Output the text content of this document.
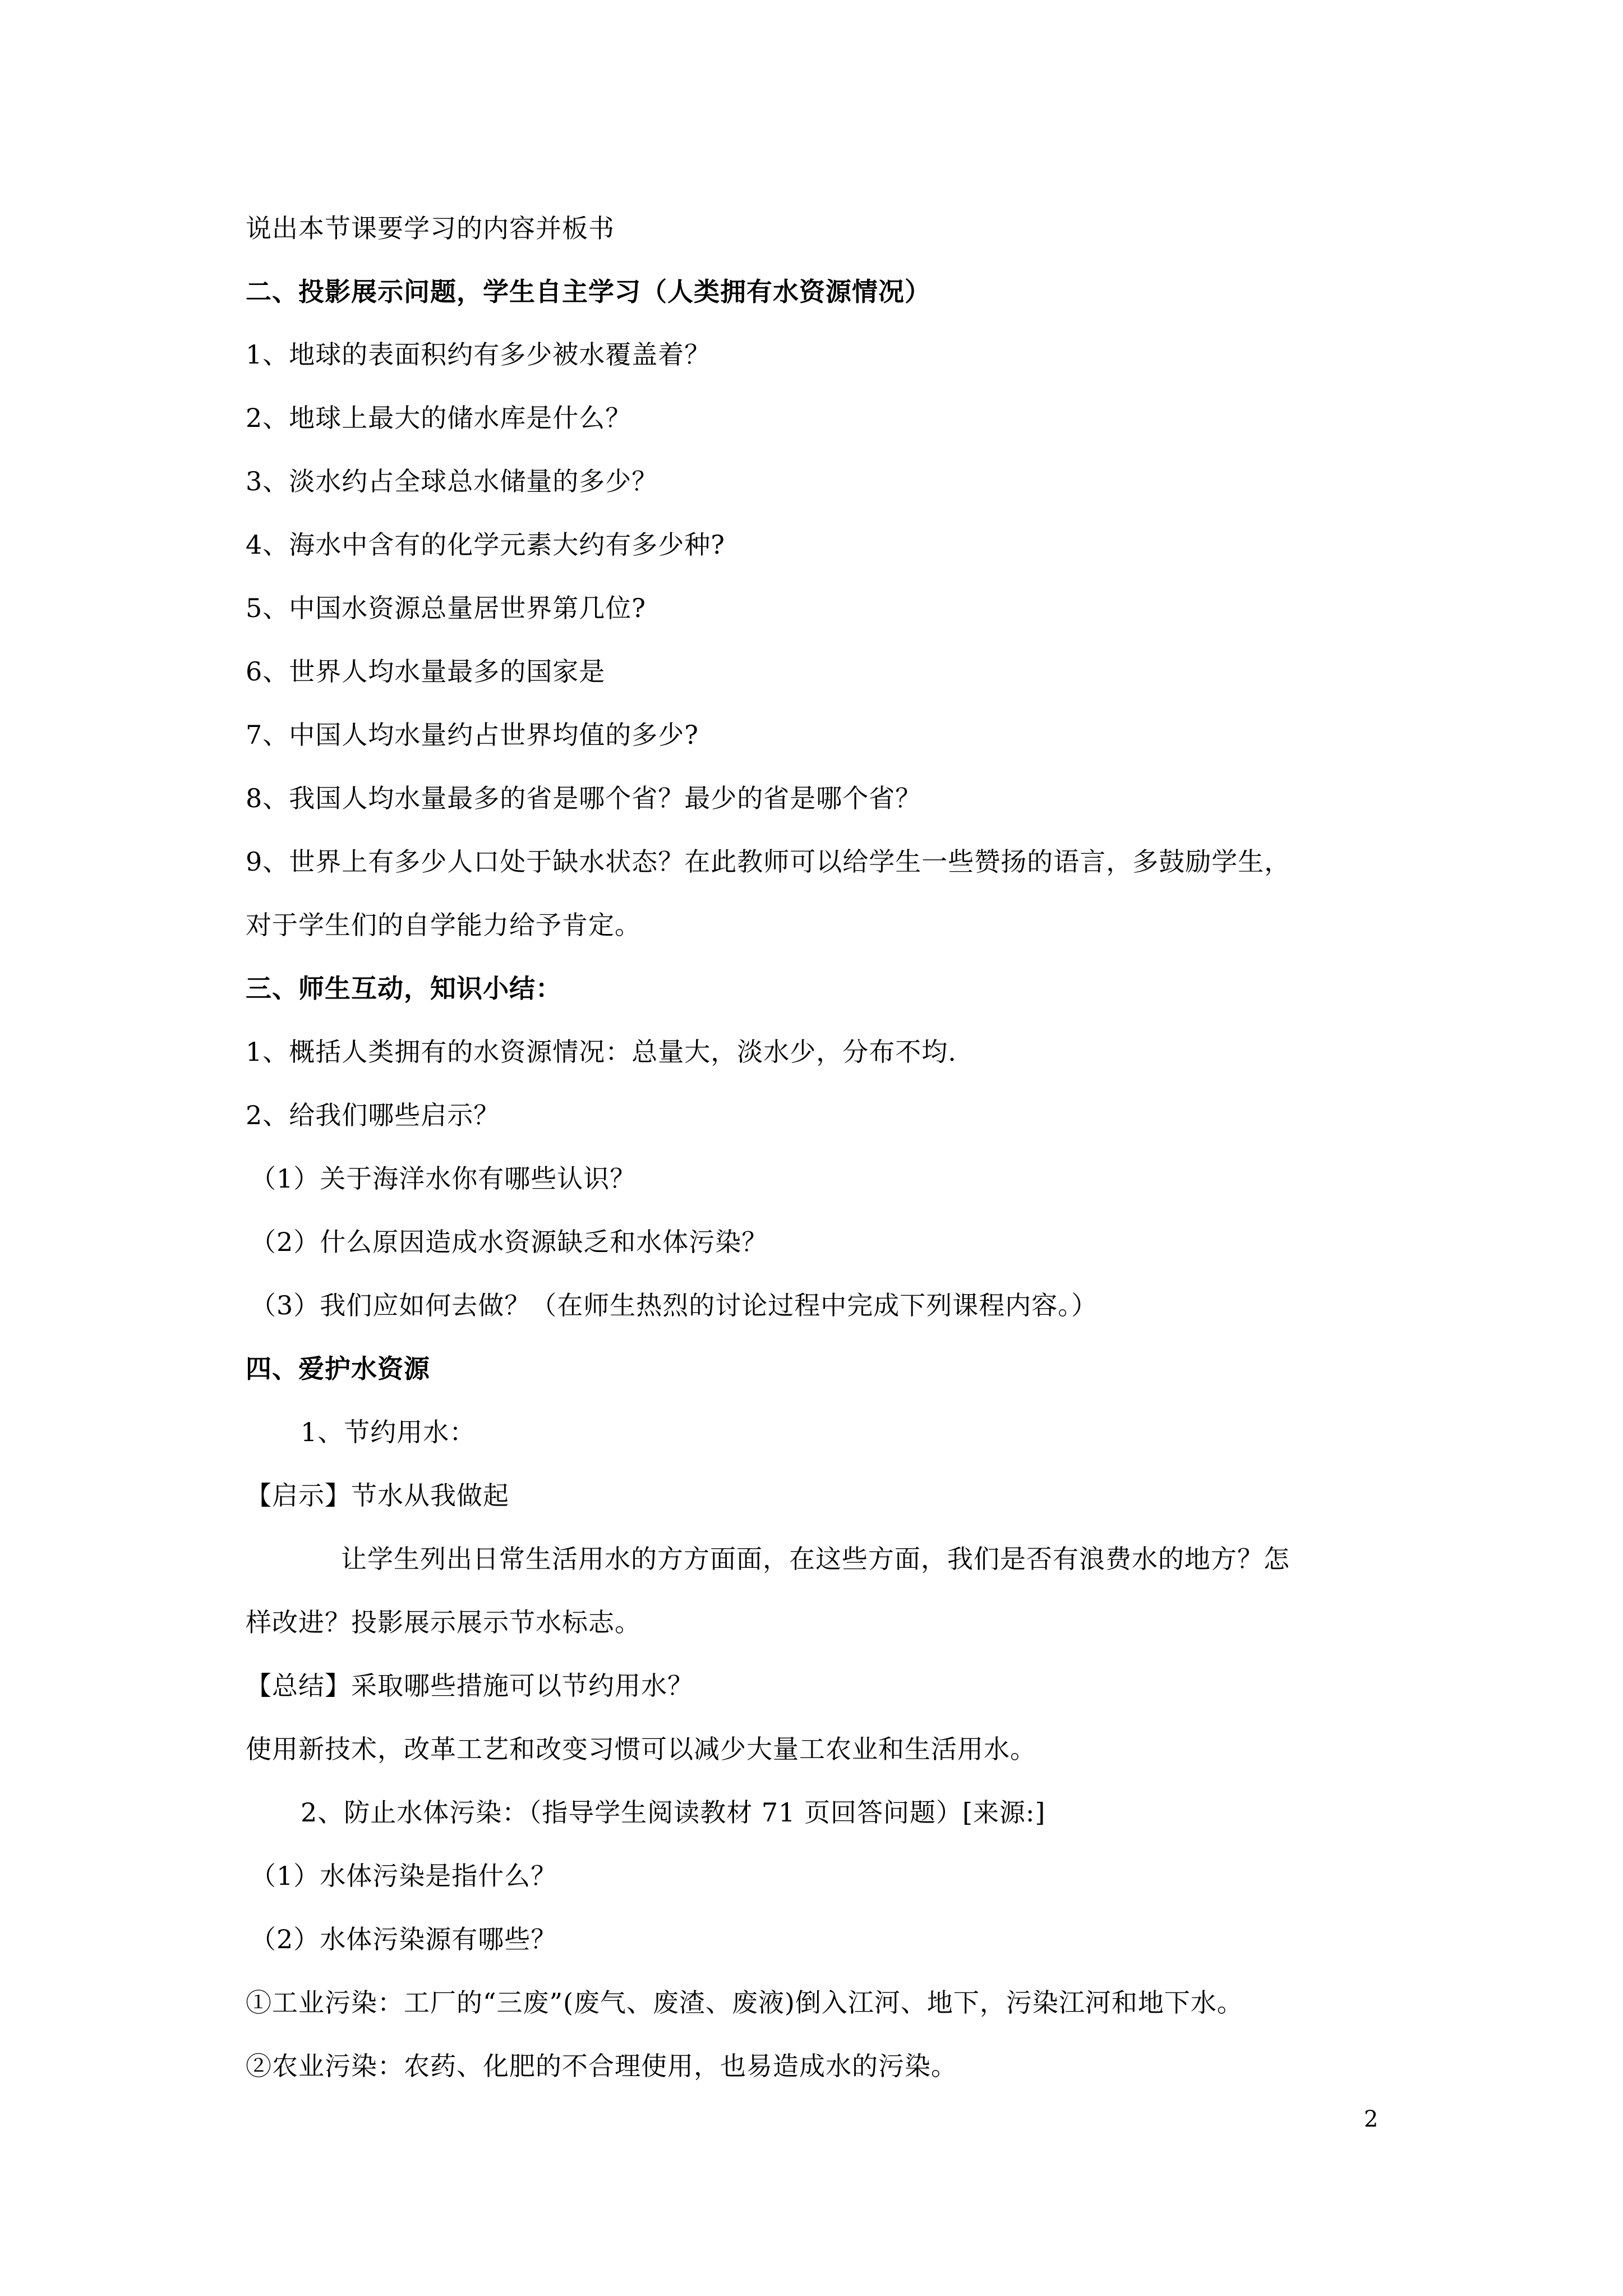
说出本节课要学习的内容并板书
二、投影展示问题，学生自主学习（人类拥有水资源情况）
1、地球的表面积约有多少被水覆盖着？
2、地球上最大的储水库是什么？
3、淡水约占全球总水储量的多少？
4、海水中含有的化学元素大约有多少种?
5、中国水资源总量居世界第几位?
6、世界人均水量最多的国家是
7、中国人均水量约占世界均值的多少?
8、我国人均水量最多的省是哪个省？最少的省是哪个省？
9、世界上有多少人口处于缺水状态？在此教师可以给学生一些赞扬的语言，多鼓励学生，
对于学生们的自学能力给予肯定。
三、师生互动，知识小结：
1、概括人类拥有的水资源情况：总量大，淡水少，分布不均.
2、给我们哪些启示？
（1）关于海洋水你有哪些认识？
（2）什么原因造成水资源缺乏和水体污染？
（3）我们应如何去做？（在师生热烈的讨论过程中完成下列课程内容。）
四、爱护水资源
1、节约用水：
【启示】节水从我做起
让学生列出日常生活用水的方方面面，在这些方面，我们是否有浪费水的地方？怎
样改进？投影展示展示节水标志。
【总结】采取哪些措施可以节约用水？
使用新技术，改革工艺和改变习惯可以减少大量工农业和生活用水。
2、防止水体污染：（指导学生阅读教材 71 页回答问题）[来源:]
（1）水体污染是指什么？
（2）水体污染源有哪些？
①工业污染：工厂的“三废”(废气、废渣、废液)倒入江河、地下，污染江河和地下水。
②农业污染：农药、化肥的不合理使用，也易造成水的污染。
2
